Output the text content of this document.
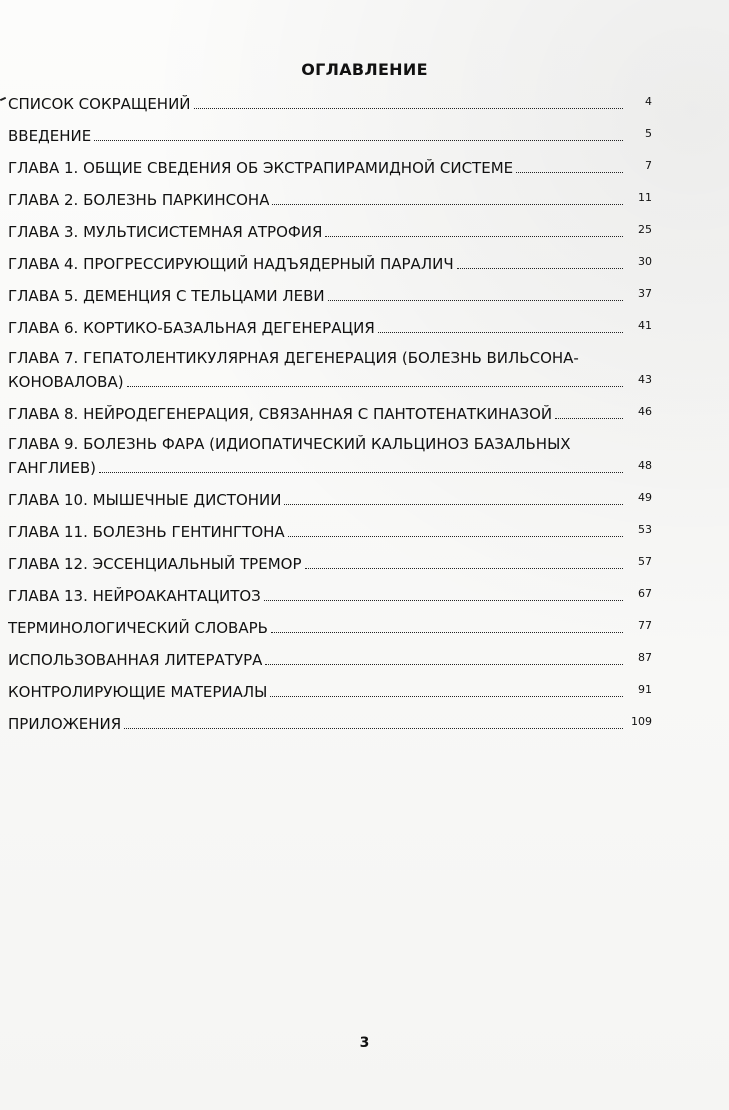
ОГЛАВЛЕНИЕ
СПИСОК СОКРАЩЕНИЙ	4
ВВЕДЕНИЕ	5
ГЛАВА 1. ОБЩИЕ СВЕДЕНИЯ ОБ ЭКСТРАПИРАМИДНОЙ СИСТЕМЕ	7
ГЛАВА 2. БОЛЕЗНЬ ПАРКИНСОНА	11
ГЛАВА 3. МУЛЬТИСИСТЕМНАЯ АТРОФИЯ	25
ГЛАВА 4. ПРОГРЕССИРУЮЩИЙ НАДЪЯДЕРНЫЙ ПАРАЛИЧ	30
ГЛАВА 5. ДЕМЕНЦИЯ С ТЕЛЬЦАМИ ЛЕВИ	37
ГЛАВА 6. КОРТИКО-БАЗАЛЬНАЯ ДЕГЕНЕРАЦИЯ	41
ГЛАВА 7. ГЕПАТОЛЕНТИКУЛЯРНАЯ ДЕГЕНЕРАЦИЯ (БОЛЕЗНЬ ВИЛЬСОНА-
КОНОВАЛОВА)	43
ГЛАВА 8. НЕЙРОДЕГЕНЕРАЦИЯ, СВЯЗАННАЯ С ПАНТОТЕНАТКИНАЗОЙ	46
ГЛАВА 9. БОЛЕЗНЬ ФАРА (ИДИОПАТИЧЕСКИЙ КАЛЬЦИНОЗ БАЗАЛЬНЫХ
ГАНГЛИЕВ)	48
ГЛАВА 10. МЫШЕЧНЫЕ ДИСТОНИИ	49
ГЛАВА 11. БОЛЕЗНЬ ГЕНТИНГТОНА	53
ГЛАВА 12. ЭССЕНЦИАЛЬНЫЙ ТРЕМОР	57
ГЛАВА 13. НЕЙРОАКАНТАЦИТОЗ	67
ТЕРМИНОЛОГИЧЕСКИЙ СЛОВАРЬ	77
ИСПОЛЬЗОВАННАЯ ЛИТЕРАТУРА	87
КОНТРОЛИРУЮЩИЕ МАТЕРИАЛЫ	91
ПРИЛОЖЕНИЯ	109
3
